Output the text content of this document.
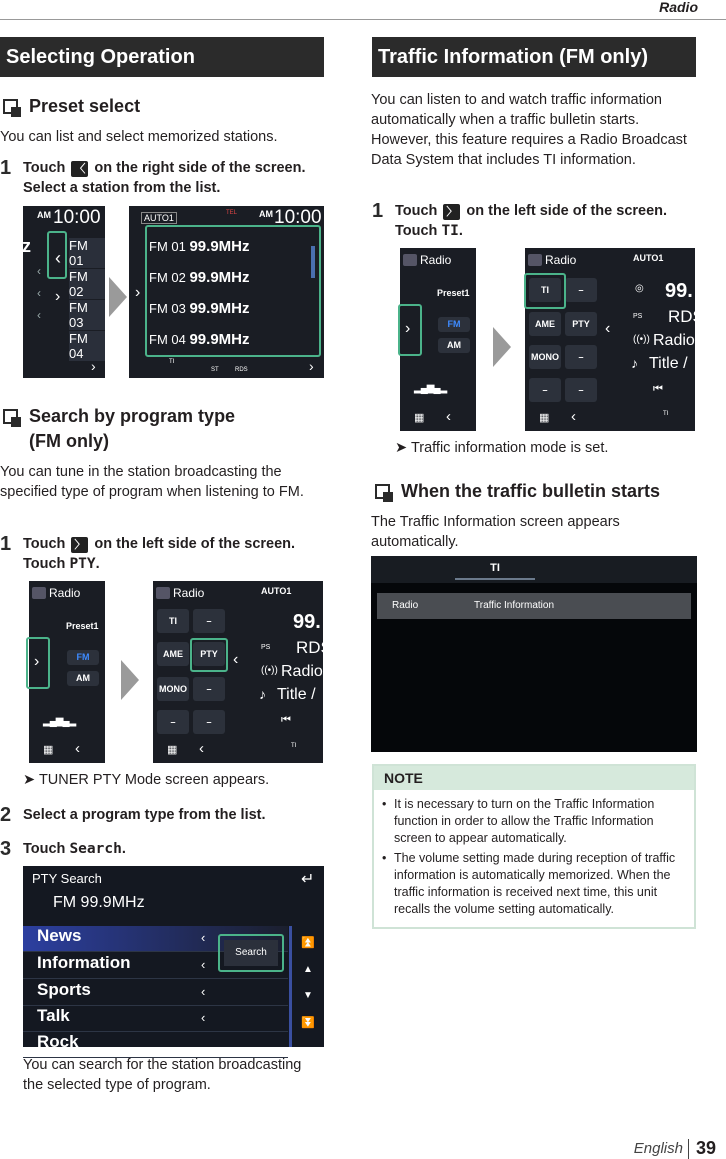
Radio
Selecting Operation
Preset select
You can list and select memorized stations.
1 Touch 〈 on the right side of the screen.
Select a station from the list.
AM 10:00
z
‹
‹
‹
›
‹
FM 01
FM 02
FM 03
FM 04
›
AUTO1	TEL AM 10:00
FM 01 99.9MHz
FM 02 99.9MHz
FM 03 99.9MHz
FM 04 99.9MHz
›
TI
ST	RDS	›
Search by program type
(FM only)
You can tune in the station broadcasting the specified type of program when listening to FM.
1 Touch 〉 on the left side of the screen.
Touch PTY.
Radio
Preset1
FM
AM
›
▂▄▆▄▂
▦ ‹
Radio	AUTO1
TI	–
AME	PTY
MONO	–
–	–
‹
99.
PS RDS
Radio
((•))
♪ Title /
⏮
TI
▦ ‹
➤ TUNER PTY Mode screen appears.
2 Select a program type from the list.
3 Touch Search.
PTY Search	↵
FM 99.9MHz
News
Information
Sports
Talk
Rock
‹
‹
‹
‹
Search
⏫
▲
▼
⏬
You can search for the station broadcasting the selected type of program.
Traffic Information (FM only)
You can listen to and watch traffic information automatically when a traffic bulletin starts. However, this feature requires a Radio Broadcast Data System that includes TI information.
1 Touch 〉 on the left side of the screen.
Touch TI.
Radio
Preset1
FM
AM
›
▂▄▆▄▂
▦ ‹
Radio	AUTO1
TI	–
AME	PTY
MONO	–
–	–
‹
99.
◎
PS RDS
((•)) Radio
♪ Title /
⏮
TI
▦ ‹
➤ Traffic information mode is set.
When the traffic bulletin starts
The Traffic Information screen appears automatically.
TI
Radio	Traffic Information
NOTE
• It is necessary to turn on the Traffic Information function in order to allow the Traffic Information screen to appear automatically.
• The volume setting made during reception of traffic information is automatically memorized. When the traffic information is received next time, this unit recalls the volume setting automatically.
English 39
